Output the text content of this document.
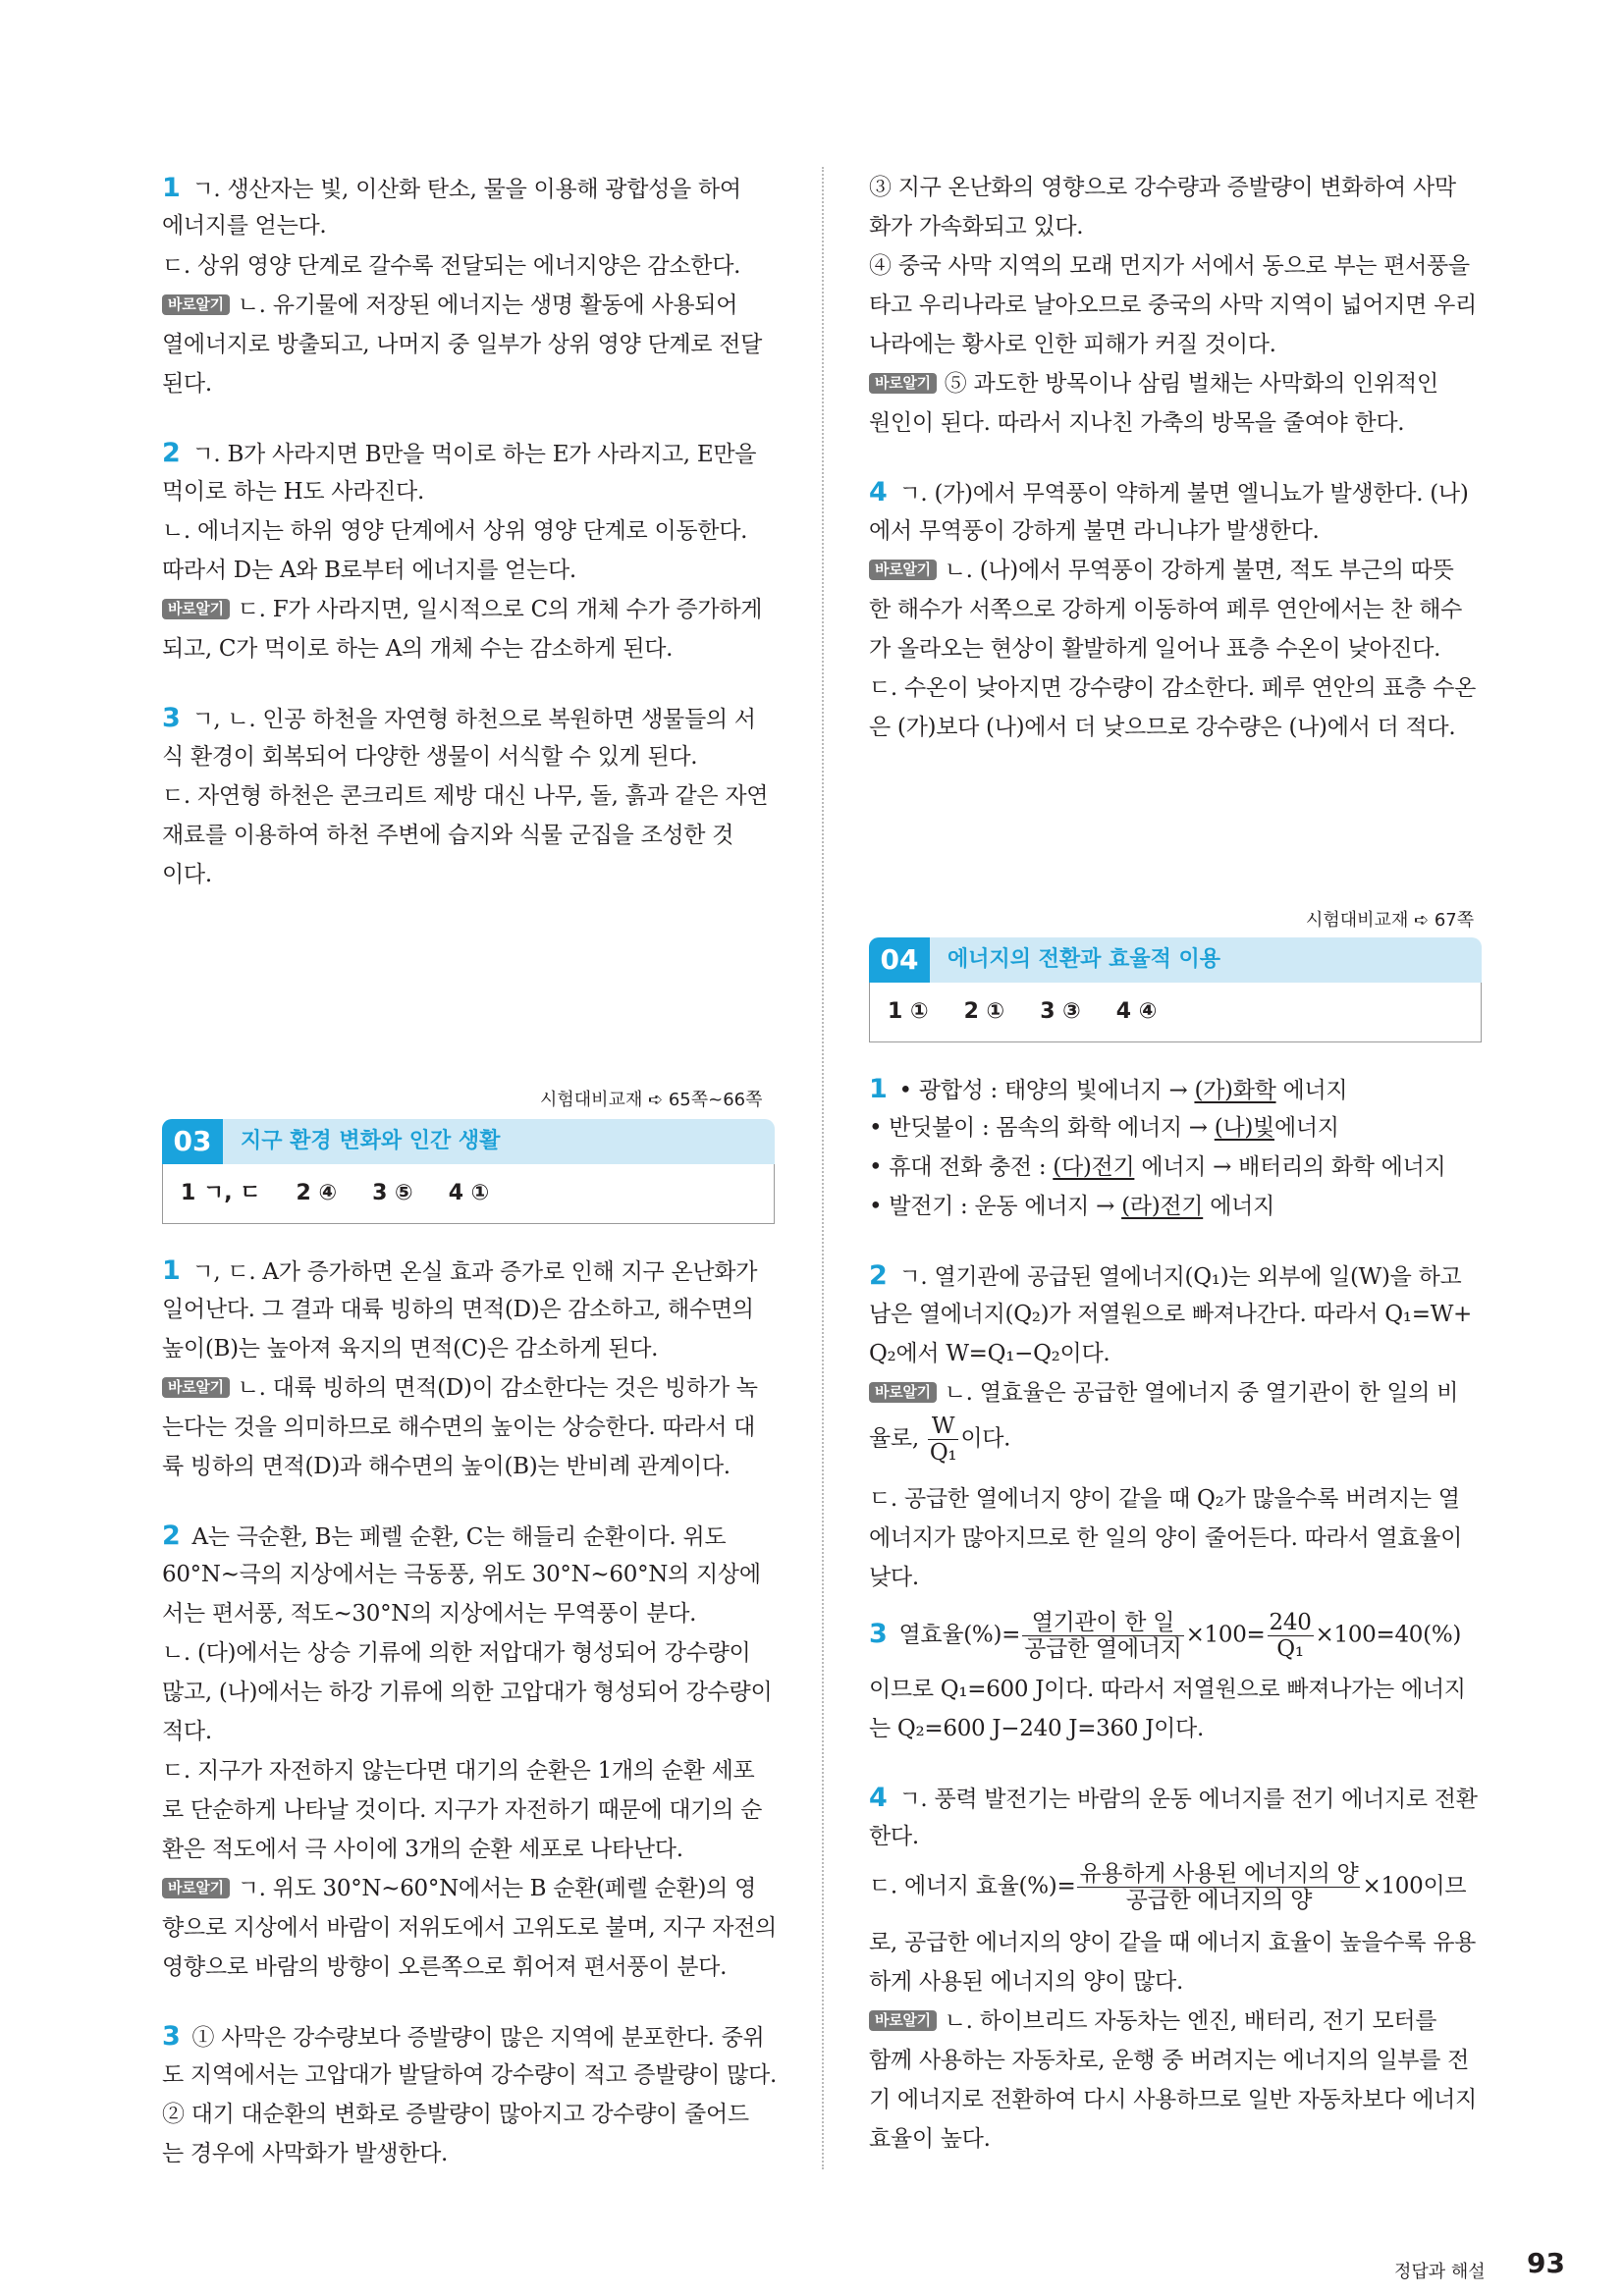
1 ㄱ. 생산자는 빛, 이산화 탄소, 물을 이용해 광합성을 하여
에너지를 얻는다.
ㄷ. 상위 영양 단계로 갈수록 전달되는 에너지양은 감소한다.
바로알기 ㄴ. 유기물에 저장된 에너지는 생명 활동에 사용되어
열에너지로 방출되고, 나머지 중 일부가 상위 영양 단계로 전달
된다.
2 ㄱ. B가 사라지면 B만을 먹이로 하는 E가 사라지고, E만을
먹이로 하는 H도 사라진다.
ㄴ. 에너지는 하위 영양 단계에서 상위 영양 단계로 이동한다.
따라서 D는 A와 B로부터 에너지를 얻는다.
바로알기 ㄷ. F가 사라지면, 일시적으로 C의 개체 수가 증가하게
되고, C가 먹이로 하는 A의 개체 수는 감소하게 된다.
3 ㄱ, ㄴ. 인공 하천을 자연형 하천으로 복원하면 생물들의 서
식 환경이 회복되어 다양한 생물이 서식할 수 있게 된다.
ㄷ. 자연형 하천은 콘크리트 제방 대신 나무, 돌, 흙과 같은 자연
재료를 이용하여 하천 주변에 습지와 식물 군집을 조성한 것
이다.
시험대비교재 ➪ 65쪽~66쪽
03	지구 환경 변화와 인간 생활
1 ㄱ, ㄷ 2 ④ 3 ⑤ 4 ①
1 ㄱ, ㄷ. A가 증가하면 온실 효과 증가로 인해 지구 온난화가
일어난다. 그 결과 대륙 빙하의 면적(D)은 감소하고, 해수면의
높이(B)는 높아져 육지의 면적(C)은 감소하게 된다.
바로알기 ㄴ. 대륙 빙하의 면적(D)이 감소한다는 것은 빙하가 녹
는다는 것을 의미하므로 해수면의 높이는 상승한다. 따라서 대
륙 빙하의 면적(D)과 해수면의 높이(B)는 반비례 관계이다.
2 A는 극순환, B는 페렐 순환, C는 해들리 순환이다. 위도
60°N~극의 지상에서는 극동풍, 위도 30°N~60°N의 지상에
서는 편서풍, 적도~30°N의 지상에서는 무역풍이 분다.
ㄴ. (다)에서는 상승 기류에 의한 저압대가 형성되어 강수량이
많고, (나)에서는 하강 기류에 의한 고압대가 형성되어 강수량이
적다.
ㄷ. 지구가 자전하지 않는다면 대기의 순환은 1개의 순환 세포
로 단순하게 나타날 것이다. 지구가 자전하기 때문에 대기의 순
환은 적도에서 극 사이에 3개의 순환 세포로 나타난다.
바로알기 ㄱ. 위도 30°N~60°N에서는 B 순환(페렐 순환)의 영
향으로 지상에서 바람이 저위도에서 고위도로 불며, 지구 자전의
영향으로 바람의 방향이 오른쪽으로 휘어져 편서풍이 분다.
3 ① 사막은 강수량보다 증발량이 많은 지역에 분포한다. 중위
도 지역에서는 고압대가 발달하여 강수량이 적고 증발량이 많다.
② 대기 대순환의 변화로 증발량이 많아지고 강수량이 줄어드
는 경우에 사막화가 발생한다.
③ 지구 온난화의 영향으로 강수량과 증발량이 변화하여 사막
화가 가속화되고 있다.
④ 중국 사막 지역의 모래 먼지가 서에서 동으로 부는 편서풍을
타고 우리나라로 날아오므로 중국의 사막 지역이 넓어지면 우리
나라에는 황사로 인한 피해가 커질 것이다.
바로알기 ⑤ 과도한 방목이나 삼림 벌채는 사막화의 인위적인
원인이 된다. 따라서 지나친 가축의 방목을 줄여야 한다.
4 ㄱ. (가)에서 무역풍이 약하게 불면 엘니뇨가 발생한다. (나)
에서 무역풍이 강하게 불면 라니냐가 발생한다.
바로알기 ㄴ. (나)에서 무역풍이 강하게 불면, 적도 부근의 따뜻
한 해수가 서쪽으로 강하게 이동하여 페루 연안에서는 찬 해수
가 올라오는 현상이 활발하게 일어나 표층 수온이 낮아진다.
ㄷ. 수온이 낮아지면 강수량이 감소한다. 페루 연안의 표층 수온
은 (가)보다 (나)에서 더 낮으므로 강수량은 (나)에서 더 적다.
시험대비교재 ➪ 67쪽
04	에너지의 전환과 효율적 이용
1 ① 2 ① 3 ③ 4 ④
1 • 광합성 : 태양의 빛에너지 → (가)화학 에너지
• 반딧불이 : 몸속의 화학 에너지 → (나)빛에너지
• 휴대 전화 충전 : (다)전기 에너지 → 배터리의 화학 에너지
• 발전기 : 운동 에너지 → (라)전기 에너지
2 ㄱ. 열기관에 공급된 열에너지(Q₁)는 외부에 일(W)을 하고
남은 열에너지(Q₂)가 저열원으로 빠져나간다. 따라서 Q₁=W+
Q₂에서 W=Q₁−Q₂이다.
바로알기 ㄴ. 열효율은 공급한 열에너지 중 열기관이 한 일의 비
율로, $\frac{W}{\text{Q₁}}$ 이다.
ㄷ. 공급한 열에너지 양이 같을 때 Q₂가 많을수록 버려지는 열
에너지가 많아지므로 한 일의 양이 줄어든다. 따라서 열효율이
낮다.
3 열효율(%)= $\frac{\text{열기관이 한 일}}{\text{공급한 열에너지}} \times 100= \frac{240}{\text{Q₁}} \times 100=40(\%)$
이므로 Q₁=600 J이다. 따라서 저열원으로 빠져나가는 에너지
는 Q₂=600 J−240 J=360 J이다.
4 ㄱ. 풍력 발전기는 바람의 운동 에너지를 전기 에너지로 전환
한다.
ㄷ. 에너지 효율(%)= $\frac{\text{유용하게 사용된 에너지의 양}}{\text{공급한 에너지의 양}} \times 100$이므
로, 공급한 에너지의 양이 같을 때 에너지 효율이 높을수록 유용
하게 사용된 에너지의 양이 많다.
바로알기 ㄴ. 하이브리드 자동차는 엔진, 배터리, 전기 모터를
함께 사용하는 자동차로, 운행 중 버려지는 에너지의 일부를 전
기 에너지로 전환하여 다시 사용하므로 일반 자동차보다 에너지
효율이 높다.
정답과 해설 93
